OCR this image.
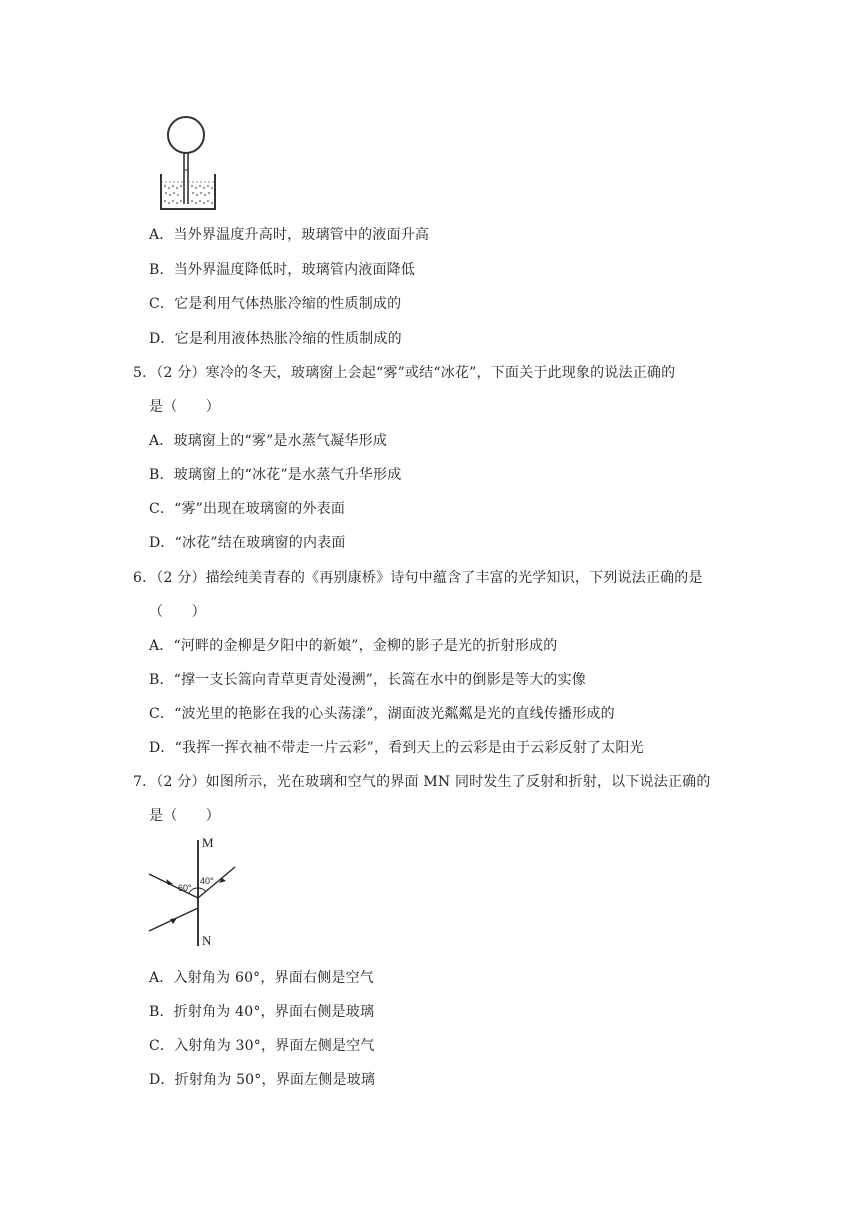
A．当外界温度升高时，玻璃管中的液面升高
B．当外界温度降低时，玻璃管内液面降低
C．它是利用气体热胀冷缩的性质制成的
D．它是利用液体热胀冷缩的性质制成的
5．（2 分）寒冷的冬天，玻璃窗上会起“雾”或结“冰花”，下面关于此现象的说法正确的
是（　　）
A．玻璃窗上的“雾”是水蒸气凝华形成
B．玻璃窗上的“冰花”是水蒸气升华形成
C．“雾”出现在玻璃窗的外表面
D．“冰花”结在玻璃窗的内表面
6．（2 分）描绘纯美青春的《再别康桥》诗句中蕴含了丰富的光学知识，下列说法正确的是
（　　）
A．“河畔的金柳是夕阳中的新娘”，金柳的影子是光的折射形成的
B．“撑一支长篙向青草更青处漫溯”，长篙在水中的倒影是等大的实像
C．“波光里的艳影在我的心头荡漾”，湖面波光粼粼是光的直线传播形成的
D．“我挥一挥衣袖不带走一片云彩”，看到天上的云彩是由于云彩反射了太阳光
7．（2 分）如图所示，光在玻璃和空气的界面 MN 同时发生了反射和折射，以下说法正确的
是（　　）
M
N
60°
40°
A．入射角为 60°，界面右侧是空气
B．折射角为 40°，界面右侧是玻璃
C．入射角为 30°，界面左侧是空气
D．折射角为 50°，界面左侧是玻璃
